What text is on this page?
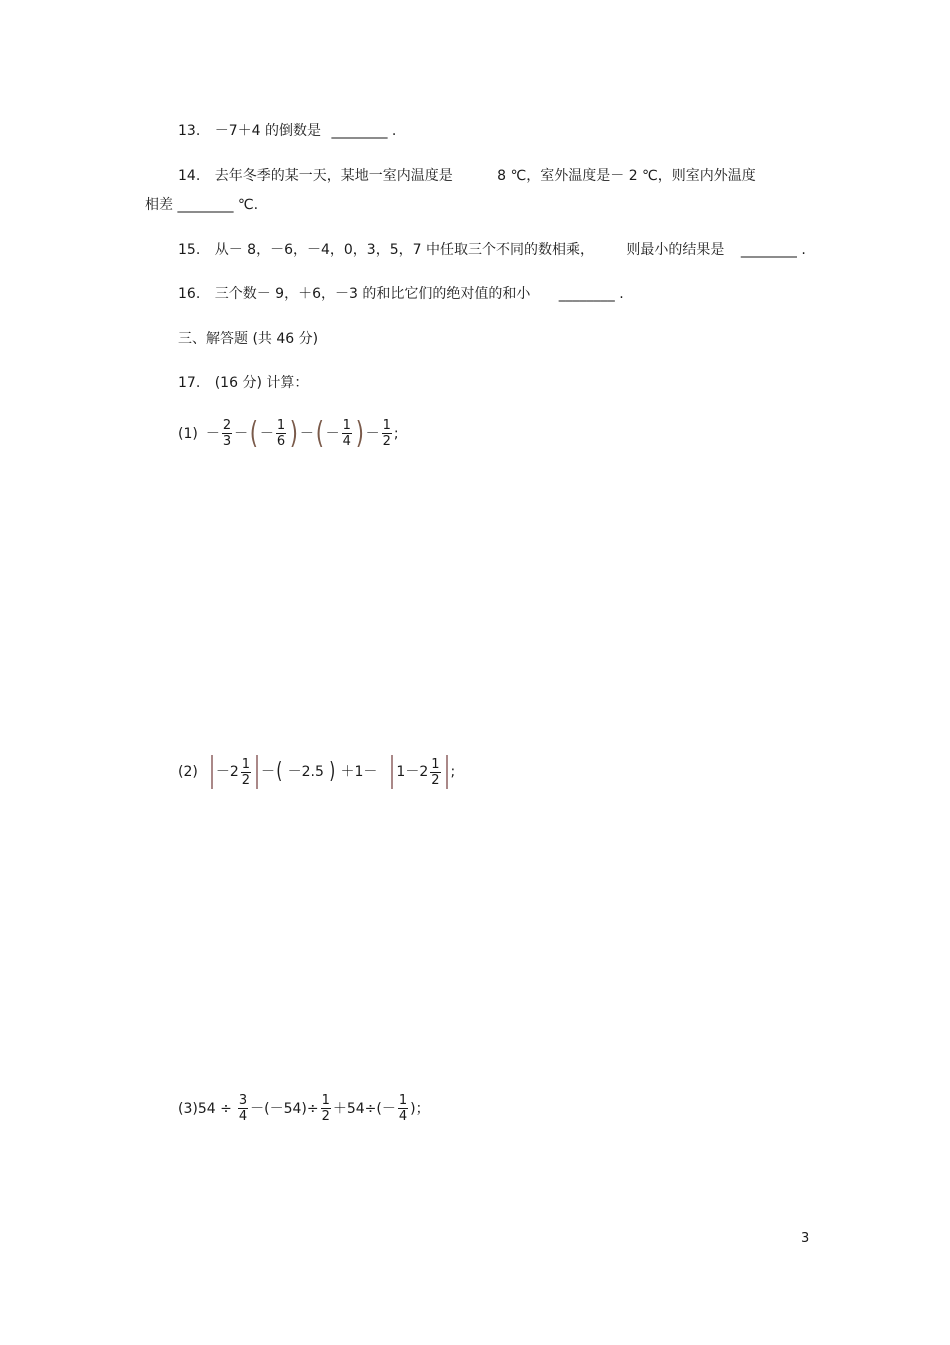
13. －7＋4 的倒数是 ________ .
14. 去年冬季的某一天，某地一室内温度是	8 ℃，室外温度是－ 2 ℃，则室内外温度
相差 ________ ℃.
15. 从－ 8，－6，－4，0，3，5，7 中任取三个不同的数相乘， 则最小的结果是 ________ .
16. 三个数－ 9，＋6，－3 的和比它们的绝对值的和小 ________ .
三、解答题 (共 46 分)
17. (16 分) 计算：
$(1) - \frac{2}{3}$ － ( － $\frac{1}{6}$ ) － ( － $\frac{1}{4}$ ) － $\frac{1}{2}$ ;
$(2) -2 \frac{1}{2}$ － ( －2.5 ) $+1- 1-2 \frac{1}{2}$ ;
$(3)54 \div \frac{3}{4} -(-54)\div \frac{1}{2} +54\div(- \frac{1}{4}$ )；
3
